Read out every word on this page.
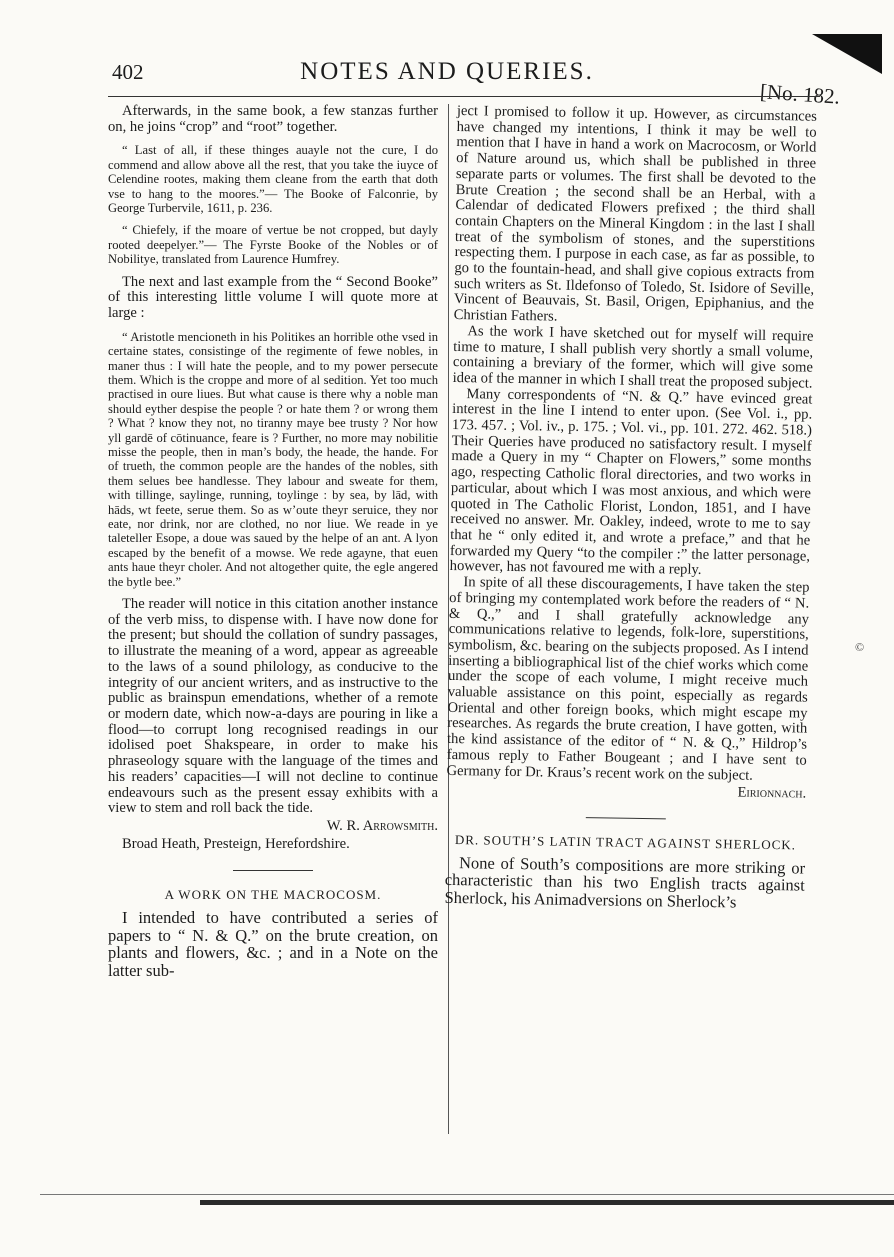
402	NOTES AND QUERIES.
[No. 182.

Afterwards, in the same book, a few stanzas further on, he joins “crop” and “root” together.

“ Last of all, if these thinges auayle not the cure, I do commend and allow above all the rest, that you take the iuyce of Celendine rootes, making them cleane from the earth that doth vse to hang to the moores.”— The Booke of Falconrie, by George Turbervile, 1611, p. 236.

“ Chiefely, if the moare of vertue be not cropped, but dayly rooted deepelyer.”— The Fyrste Booke of the Nobles or of Nobilitye, translated from Laurence Humfrey.

The next and last example from the “ Second Booke” of this interesting little volume I will quote more at large :

“ Aristotle mencioneth in his Politikes an horrible othe vsed in certaine states, consistinge of the regimente of fewe nobles, in maner thus : I will hate the people, and to my power persecute them. Which is the croppe and more of al sedition. Yet too much practised in oure liues. But what cause is there why a noble man should eyther despise the people ? or hate them ? or wrong them ? What ? know they not, no tiranny maye bee trusty ? Nor how yll gardē of cōtinuance, feare is ? Further, no more may nobilitie misse the people, then in man’s body, the heade, the hande. For of trueth, the common people are the handes of the nobles, sith them selues bee handlesse. They labour and sweate for them, with tillinge, saylinge, running, toylinge : by sea, by lād, with hāds, wt feete, serue them. So as w’oute theyr seruice, they nor eate, nor drink, nor are clothed, no nor liue. We reade in ye taleteller Esope, a doue was saued by the helpe of an ant. A lyon escaped by the benefit of a mowse. We rede agayne, that euen ants haue theyr choler. And not altogether quite, the egle angered the bytle bee.”

The reader will notice in this citation another instance of the verb miss, to dispense with. I have now done for the present; but should the collation of sundry passages, to illustrate the meaning of a word, appear as agreeable to the laws of a sound philology, as conducive to the integrity of our ancient writers, and as instructive to the public as brainspun emendations, whether of a remote or modern date, which now-a-days are pouring in like a flood—to corrupt long recognised readings in our idolised poet Shakspeare, in order to make his phraseology square with the language of the times and his readers’ capacities—I will not decline to continue endeavours such as the present essay exhibits with a view to stem and roll back the tide.

W. R. Arrowsmith.

Broad Heath, Presteign, Herefordshire.

A WORK ON THE MACROCOSM.

I intended to have contributed a series of papers to “ N. & Q.” on the brute creation, on plants and flowers, &c. ; and in a Note on the latter sub-

ject I promised to follow it up. However, as circumstances have changed my intentions, I think it may be well to mention that I have in hand a work on Macrocosm, or World of Nature around us, which shall be published in three separate parts or volumes. The first shall be devoted to the Brute Creation ; the second shall be an Herbal, with a Calendar of dedicated Flowers prefixed ; the third shall contain Chapters on the Mineral Kingdom : in the last I shall treat of the symbolism of stones, and the superstitions respecting them. I purpose in each case, as far as possible, to go to the fountain-head, and shall give copious extracts from such writers as St. Ildefonso of Toledo, St. Isidore of Seville, Vincent of Beauvais, St. Basil, Origen, Epiphanius, and the Christian Fathers.

As the work I have sketched out for myself will require time to mature, I shall publish very shortly a small volume, containing a breviary of the former, which will give some idea of the manner in which I shall treat the proposed subject.

Many correspondents of “N. & Q.” have evinced great interest in the line I intend to enter upon. (See Vol. i., pp. 173. 457. ; Vol. iv., p. 175. ; Vol. vi., pp. 101. 272. 462. 518.) Their Queries have produced no satisfactory result. I myself made a Query in my “ Chapter on Flowers,” some months ago, respecting Catholic floral directories, and two works in particular, about which I was most anxious, and which were quoted in The Catholic Florist, London, 1851, and I have received no answer. Mr. Oakley, indeed, wrote to me to say that he “ only edited it, and wrote a preface,” and that he forwarded my Query “to the compiler :” the latter personage, however, has not favoured me with a reply.

In spite of all these discouragements, I have taken the step of bringing my contemplated work before the readers of “ N. & Q.,” and I shall gratefully acknowledge any communications relative to legends, folk-lore, superstitions, symbolism, &c. bearing on the subjects proposed. As I intend inserting a bibliographical list of the chief works which come under the scope of each volume, I might receive much valuable assistance on this point, especially as regards Oriental and other foreign books, which might escape my researches. As regards the brute creation, I have gotten, with the kind assistance of the editor of “ N. & Q.,” Hildrop’s famous reply to Father Bougeant ; and I have sent to Germany for Dr. Kraus’s recent work on the subject.

Eirionnach.

DR. SOUTH’S LATIN TRACT AGAINST SHERLOCK.

None of South’s compositions are more striking or characteristic than his two English tracts against Sherlock, his Animadversions on Sherlock’s

©
